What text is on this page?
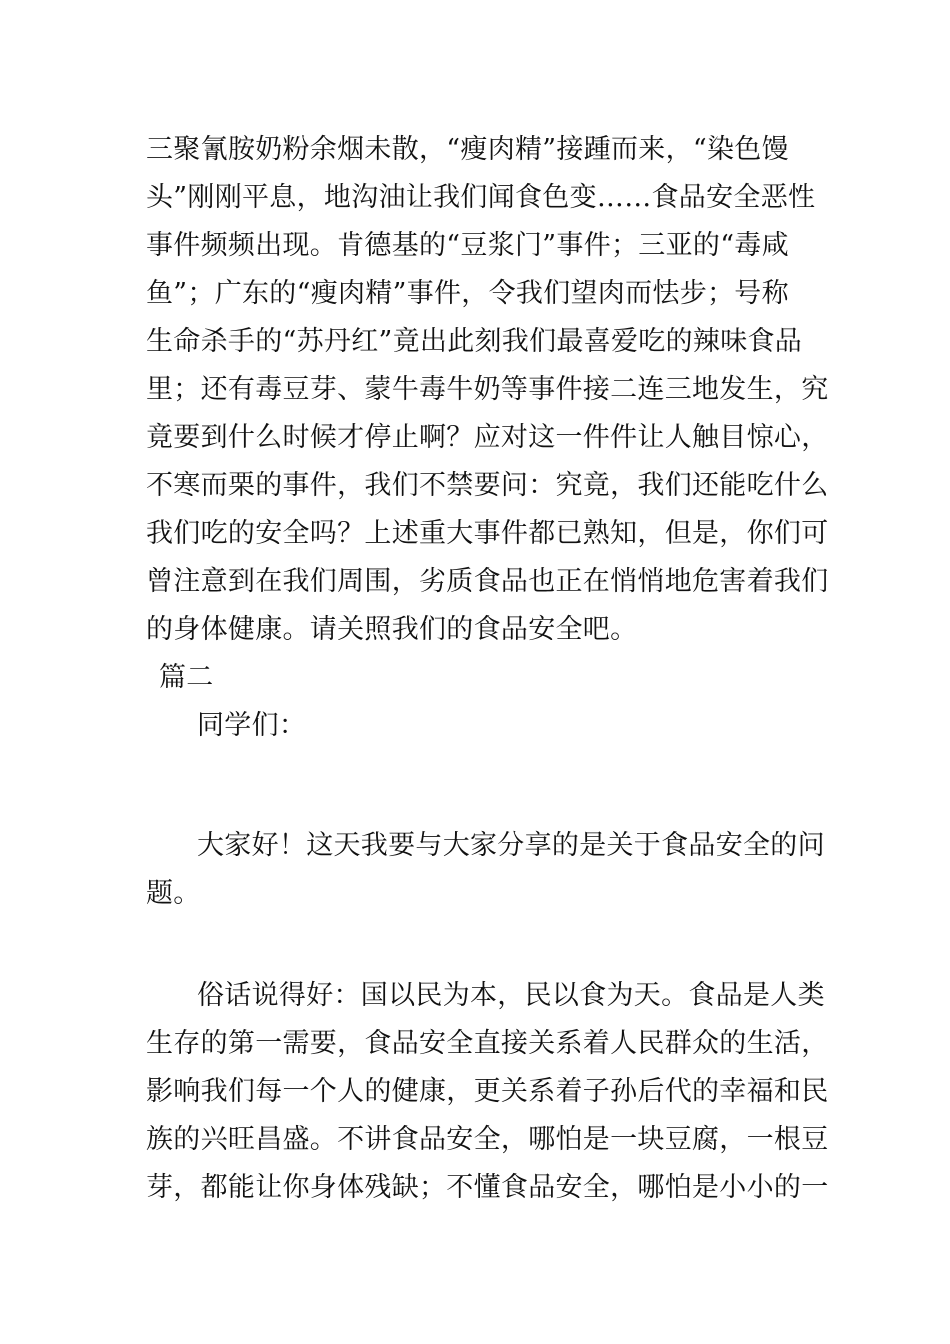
三聚氰胺奶粉余烟未散，“瘦肉精”接踵而来，“染色馒
头”刚刚平息，地沟油让我们闻食色变……食品安全恶性
事件频频出现。肯德基的“豆浆门”事件；三亚的“毒咸
鱼”；广东的“瘦肉精”事件，令我们望肉而怯步；号称
生命杀手的“苏丹红”竟出此刻我们最喜爱吃的辣味食品
里；还有毒豆芽、蒙牛毒牛奶等事件接二连三地发生，究
竟要到什么时候才停止啊？应对这一件件让人触目惊心，
不寒而栗的事件，我们不禁要问：究竟，我们还能吃什么
我们吃的安全吗？上述重大事件都已熟知，但是，你们可
曾注意到在我们周围，劣质食品也正在悄悄地危害着我们
的身体健康。请关照我们的食品安全吧。
篇二
同学们：
大家好！这天我要与大家分享的是关于食品安全的问
题。
俗话说得好：国以民为本，民以食为天。食品是人类
生存的第一需要，食品安全直接关系着人民群众的生活，
影响我们每一个人的健康，更关系着子孙后代的幸福和民
族的兴旺昌盛。不讲食品安全，哪怕是一块豆腐，一根豆
芽，都能让你身体残缺；不懂食品安全，哪怕是小小的一
